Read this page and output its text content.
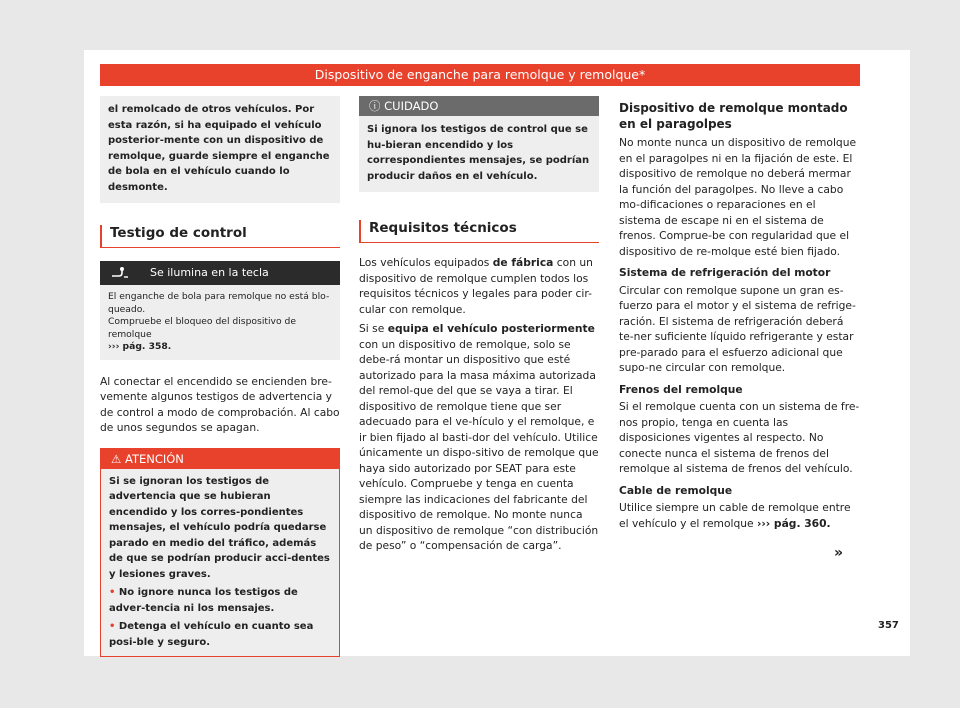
Dispositivo de enganche para remolque y remolque*
el remolcado de otros vehículos. Por esta razón, si ha equipado el vehículo posterior-mente con un dispositivo de remolque, guarde siempre el enganche de bola en el vehículo cuando lo desmonte.
Testigo de control
Se ilumina en la tecla
El enganche de bola para remolque no está blo-queado.
Compruebe el bloqueo del dispositivo de remolque
››› pág. 358.

Al conectar el encendido se encienden bre-vemente algunos testigos de advertencia y de control a modo de comprobación. Al cabo de unos segundos se apagan.

⚠ ATENCIÓN

Si se ignoran los testigos de advertencia que se hubieran encendido y los corres-pondientes mensajes, el vehículo podría quedarse parado en medio del tráfico, además de que se podrían producir acci-dentes y lesiones graves.

• No ignore nunca los testigos de adver-tencia ni los mensajes.

• Detenga el vehículo en cuanto sea posi-ble y seguro.

ⓘ CUIDADO
Si ignora los testigos de control que se hu-bieran encendido y los correspondientes mensajes, se podrían producir daños en el vehículo.
Requisitos técnicos

Los vehículos equipados de fábrica con un dispositivo de remolque cumplen todos los requisitos técnicos y legales para poder cir-cular con remolque.

Si se equipa el vehículo posteriormente con un dispositivo de remolque, solo se debe-rá montar un dispositivo que esté autorizado para la masa máxima autorizada del remol-que del que se vaya a tirar. El dispositivo de remolque tiene que ser adecuado para el ve-hículo y el remolque, e ir bien fijado al basti-dor del vehículo. Utilice únicamente un dispo-sitivo de remolque que haya sido autorizado por SEAT para este vehículo. Compruebe y tenga en cuenta siempre las indicaciones del fabricante del dispositivo de remolque. No monte nunca un dispositivo de remolque “con distribución de peso” o “compensación de carga”.

Dispositivo de remolque montado en el paragolpes

No monte nunca un dispositivo de remolque en el paragolpes ni en la fijación de este. El dispositivo de remolque no deberá mermar la función del paragolpes. No lleve a cabo mo-dificaciones o reparaciones en el sistema de escape ni en el sistema de frenos. Comprue-be con regularidad que el dispositivo de re-molque esté bien fijado.

Sistema de refrigeración del motor

Circular con remolque supone un gran es-fuerzo para el motor y el sistema de refrige-ración. El sistema de refrigeración deberá te-ner suficiente líquido refrigerante y estar pre-parado para el esfuerzo adicional que supo-ne circular con remolque.

Frenos del remolque

Si el remolque cuenta con un sistema de fre-nos propio, tenga en cuenta las disposiciones vigentes al respecto. No conecte nunca el sistema de frenos del remolque al sistema de frenos del vehículo.

Cable de remolque

Utilice siempre un cable de remolque entre el vehículo y el remolque ››› pág. 360.

»
357
